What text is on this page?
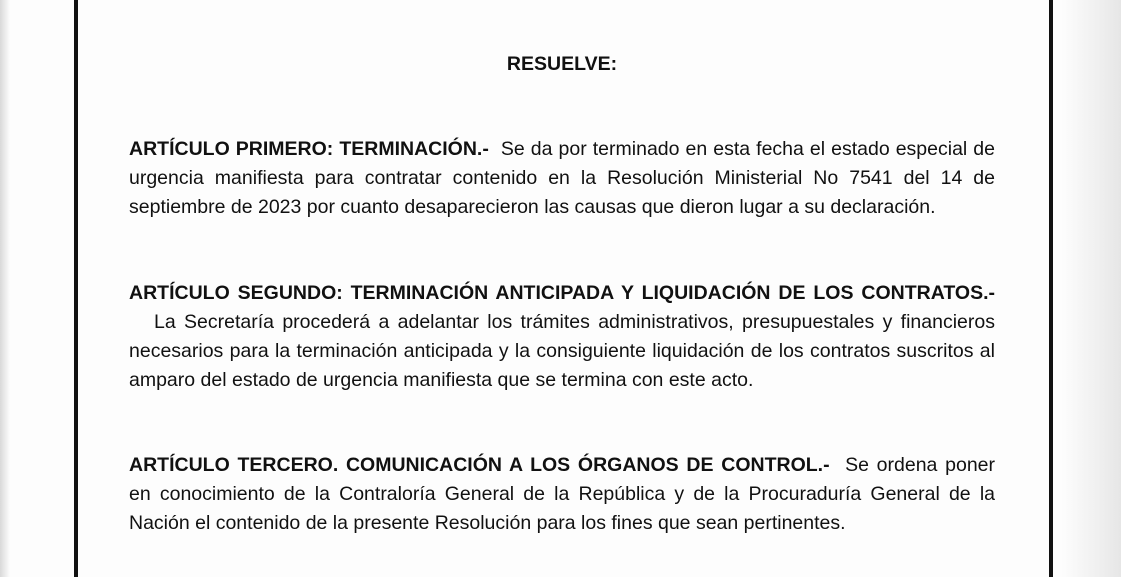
RESUELVE:

ARTÍCULO PRIMERO: TERMINACIÓN.- Se da por terminado en esta fecha el estado especial de urgencia manifiesta para contratar contenido en la Resolución Ministerial No 7541 del 14 de septiembre de 2023 por cuanto desaparecieron las causas que dieron lugar a su declaración.

ARTÍCULO SEGUNDO: TERMINACIÓN ANTICIPADA Y LIQUIDACIÓN DE LOS CONTRATOS.-   La Secretaría procederá a adelantar los trámites administrativos, presupuestales y financieros necesarios para la terminación anticipada y la consiguiente liquidación de los contratos suscritos al amparo del estado de urgencia manifiesta que se termina con este acto.

ARTÍCULO TERCERO. COMUNICACIÓN A LOS ÓRGANOS DE CONTROL.- Se ordena poner en conocimiento de la Contraloría General de la República y de la Procuraduría General de la Nación el contenido de la presente Resolución para los fines que sean pertinentes.
